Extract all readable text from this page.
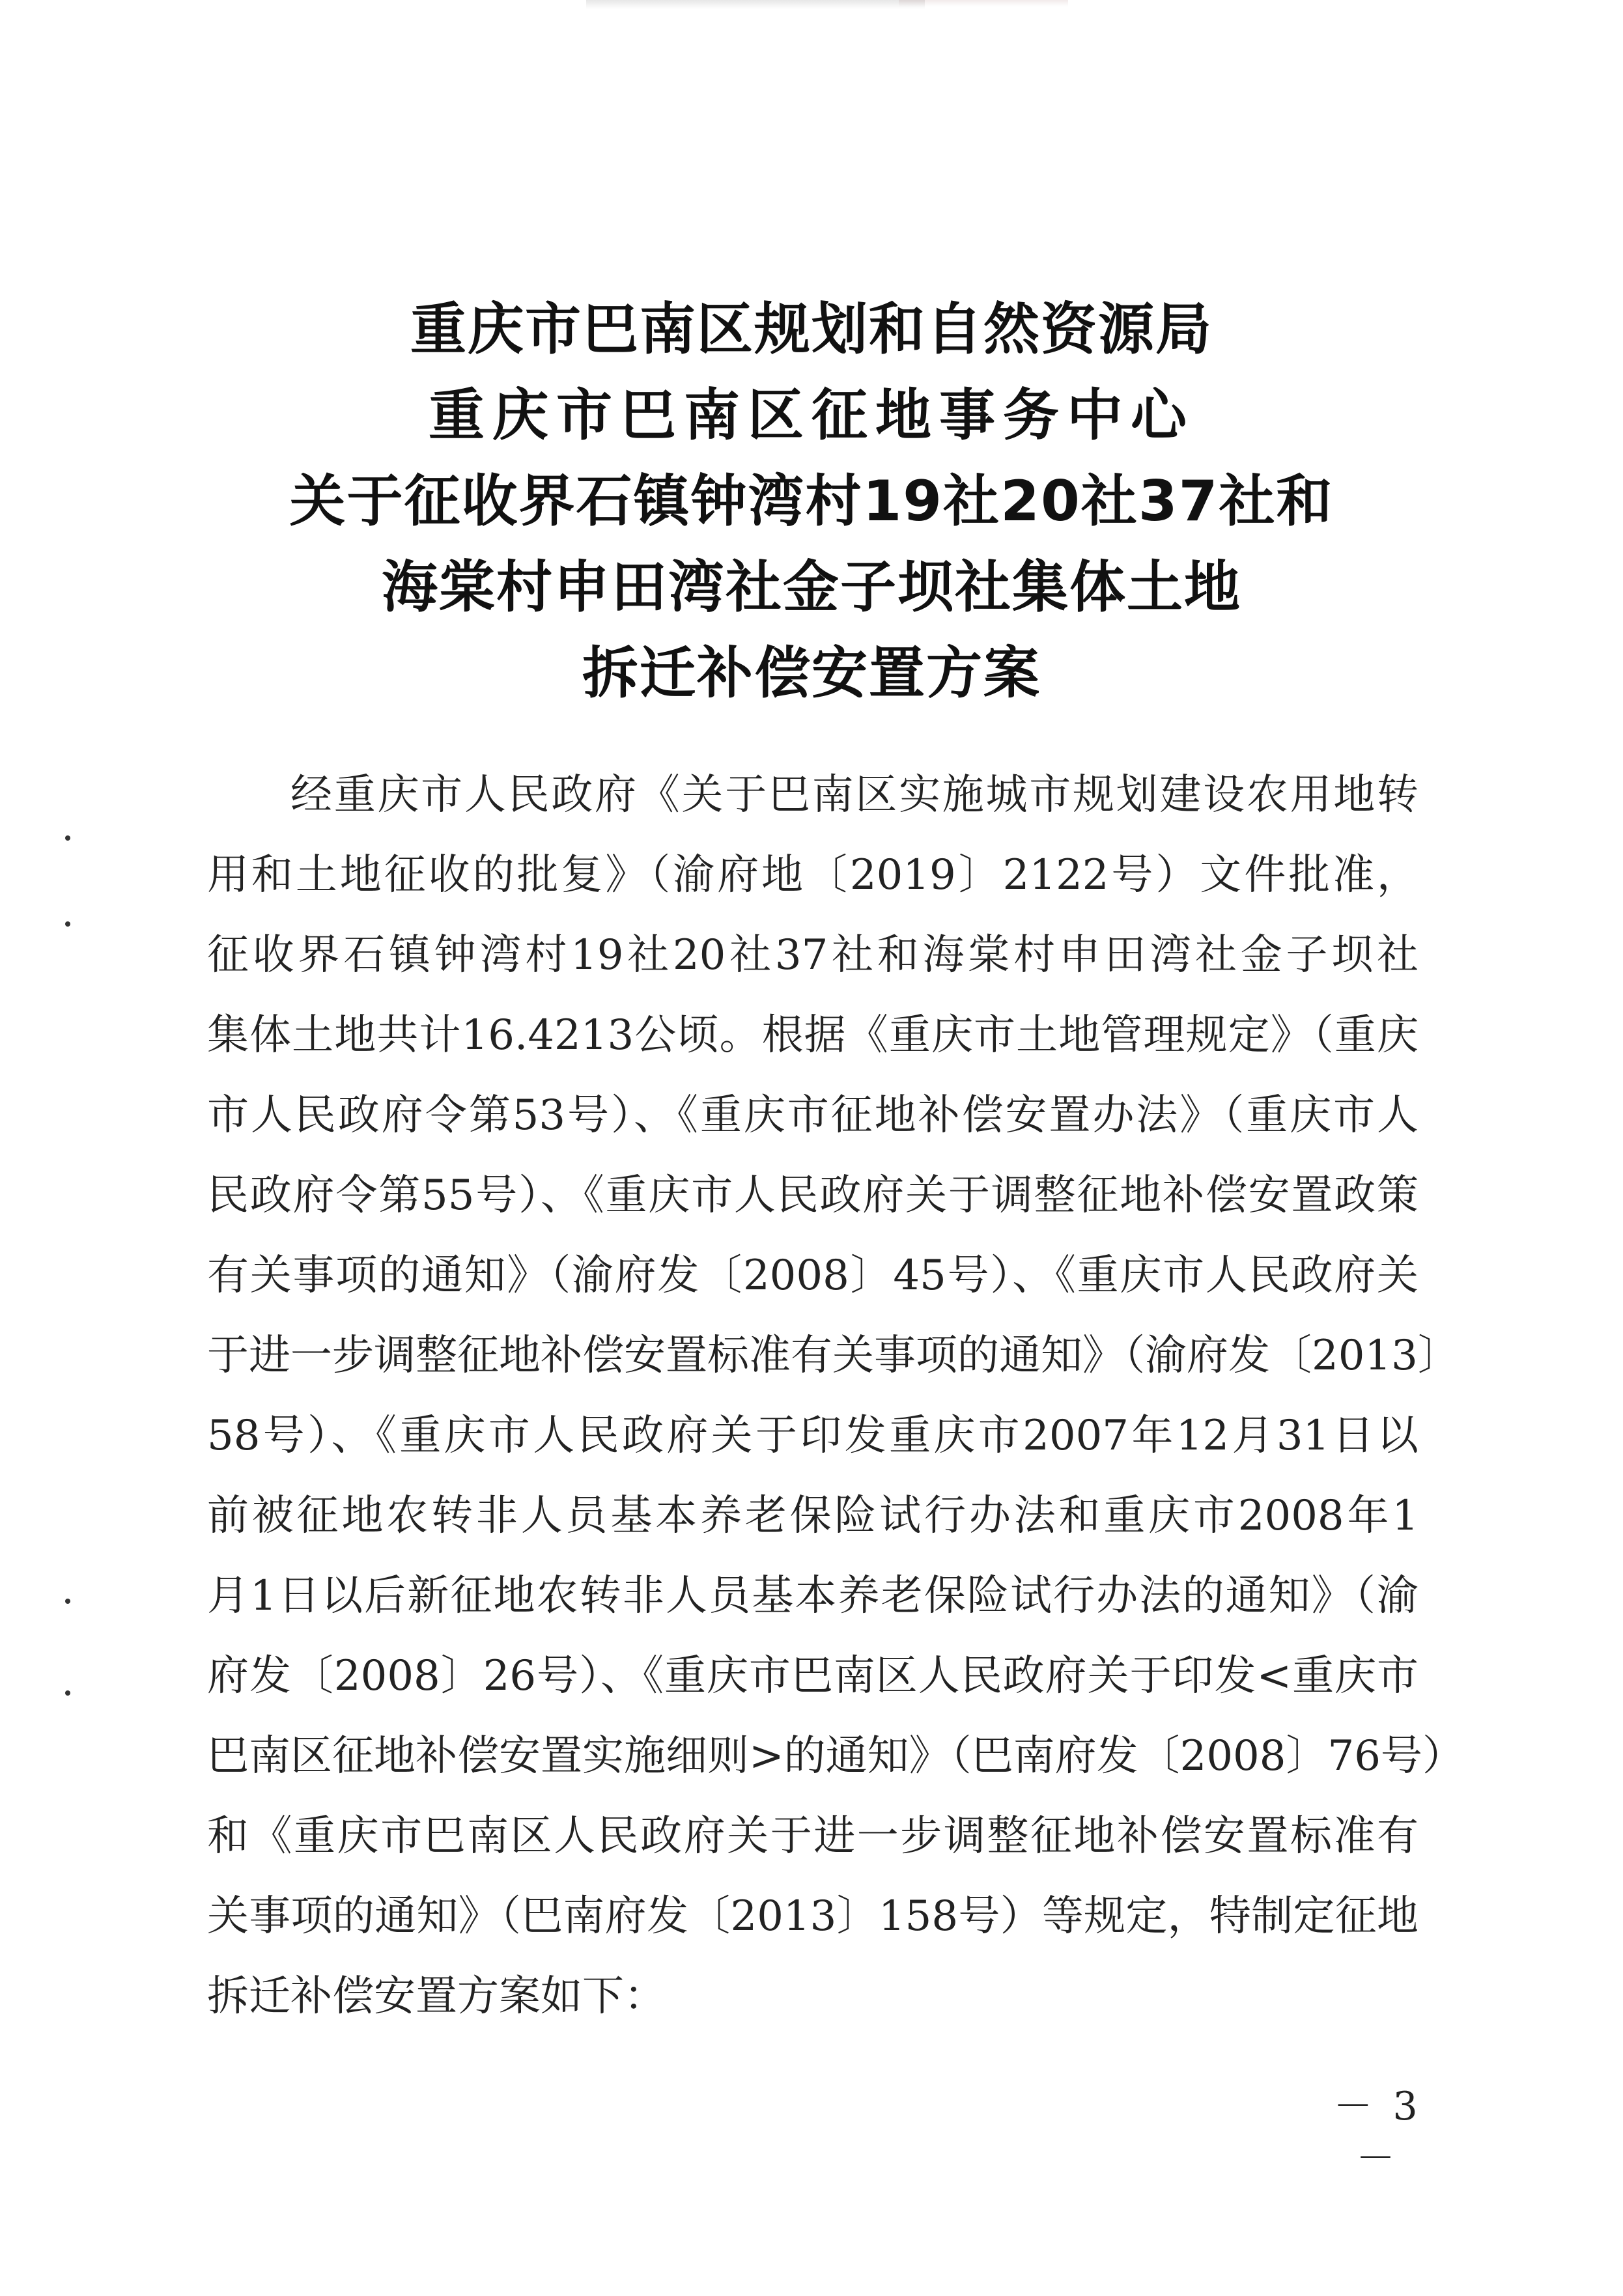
重庆市巴南区规划和自然资源局
重庆市巴南区征地事务中心
关于征收界石镇钟湾村19社20社37社和
海棠村申田湾社金子坝社集体土地
拆迁补偿安置方案
经重庆市人民政府《关于巴南区实施城市规划建设农用地转
用和土地征收的批复》（渝府地〔2019〕2122号）文件批准，
征收界石镇钟湾村19社20社37社和海棠村申田湾社金子坝社
集体土地共计16.4213公顷。根据《重庆市土地管理规定》（重庆
市人民政府令第53号）、《重庆市征地补偿安置办法》（重庆市人
民政府令第55号）、《重庆市人民政府关于调整征地补偿安置政策
有关事项的通知》（渝府发〔2008〕45号）、《重庆市人民政府关
于进一步调整征地补偿安置标准有关事项的通知》（渝府发〔2013〕
58号）、《重庆市人民政府关于印发重庆市2007年12月31日以
前被征地农转非人员基本养老保险试行办法和重庆市2008年1
月1日以后新征地农转非人员基本养老保险试行办法的通知》（渝
府发〔2008〕26号）、《重庆市巴南区人民政府关于印发<重庆市
巴南区征地补偿安置实施细则>的通知》（巴南府发〔2008〕76号）
和《重庆市巴南区人民政府关于进一步调整征地补偿安置标准有
关事项的通知》（巴南府发〔2013〕158号）等规定，特制定征地
拆迁补偿安置方案如下：
－ 3 －
